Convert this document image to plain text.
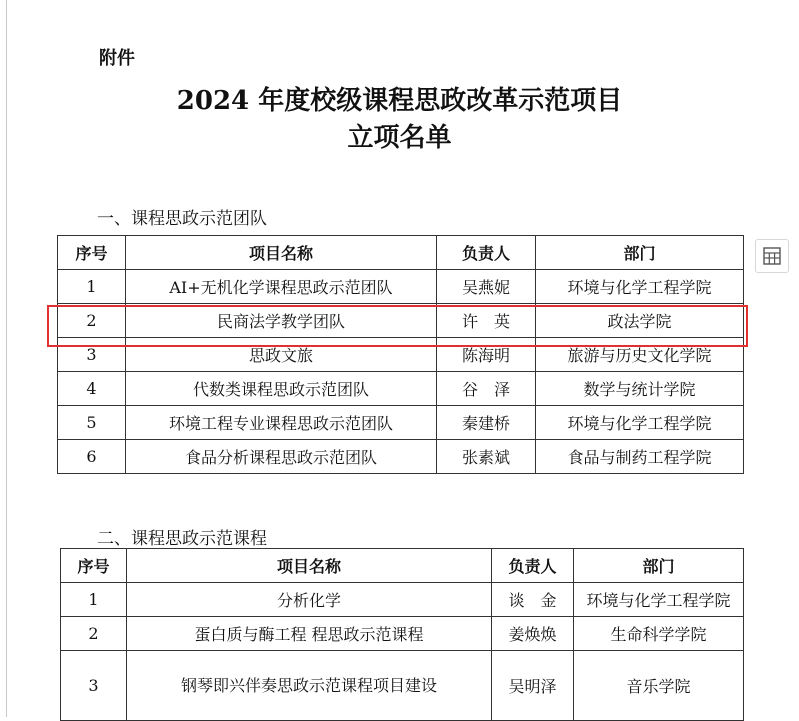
附件
2024 年度校级课程思政改革示范项目
立项名单
一、课程思政示范团队
序号	项目名称	负责人	部门
1	AI+无机化学课程思政示范团队	吴燕妮	环境与化学工程学院
2	民商法学教学团队	许　英	政法学院
3	思政文旅	陈海明	旅游与历史文化学院
4	代数类课程思政示范团队	谷　泽	数学与统计学院
5	环境工程专业课程思政示范团队	秦建桥	环境与化学工程学院
6	食品分析课程思政示范团队	张素斌	食品与制药工程学院
二、课程思政示范课程
序号	项目名称	负责人	部门
1	分析化学	谈　金	环境与化学工程学院
2	蛋白质与酶工程 程思政示范课程	姜焕焕	生命科学学院
3	钢琴即兴伴奏思政示范课程项目建设	吴明泽	音乐学院
